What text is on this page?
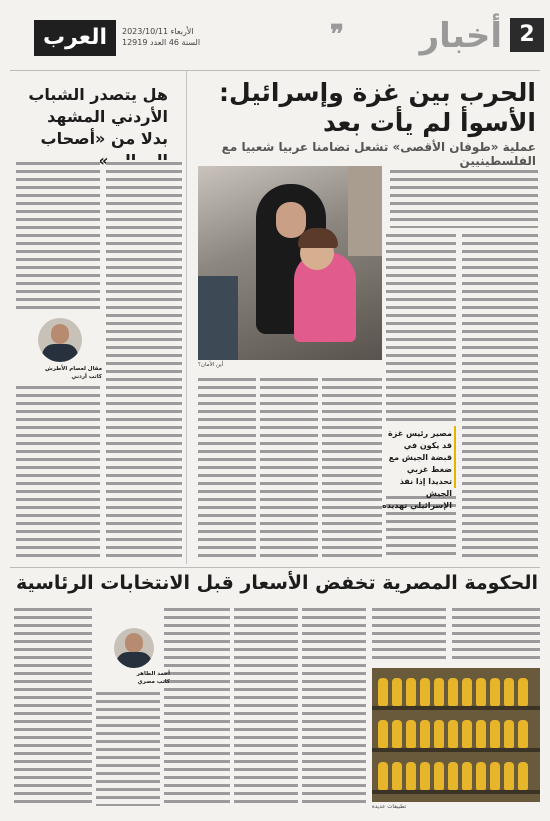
2
أخبار
❞
العرب	الأربعاء 2023/10/11
السنة 46 العدد 12919
الحرب بين غزة وإسرائيل:
الأسوأ لم يأت بعد
عملية «طوفان الأقصى» تشعل تضامنا عربيا شعبيا مع الفلسطينيين
أين الأمان؟
مصير رئيس غزة قد يكون في قبضة الجيش مع ضغط غربي تحديدا إذا نفذ الجيش الإسرائيلي تهديده
هل يتصدر الشباب الأردني المشهد بدلا من «أصحاب
مقال لعصام الأطرش
كاتب أردني
الحكومة المصرية تخفض الأسعار قبل الانتخابات الرئاسية
أحمد الطاهر
كاتب مصري
تطبيقات عديدة
